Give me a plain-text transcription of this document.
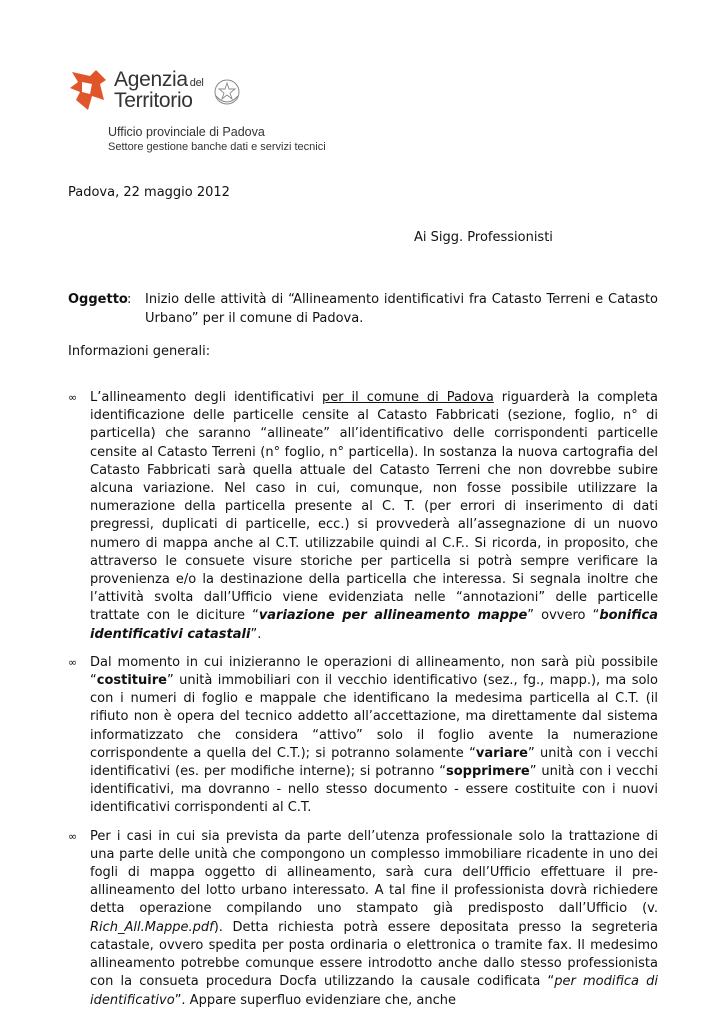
Agenzia del
Territorio
Ufficio provinciale di Padova
Settore gestione banche dati e servizi tecnici
Padova, 22 maggio 2012
Ai Sigg. Professionisti
Oggetto : Inizio delle attività di “Allineamento identificativi fra Catasto Terreni e Catasto Urbano” per il comune di Padova.
Informazioni generali:
∞ L’allineamento degli identificativi per il comune di Padova riguarderà la completa identificazione delle particelle censite al Catasto Fabbricati (sezione, foglio, n° di particella) che saranno “allineate” all’identificativo delle corrispondenti particelle censite al Catasto Terreni (n° foglio, n° particella). In sostanza la nuova cartografia del Catasto Fabbricati sarà quella attuale del Catasto Terreni che non dovrebbe subire alcuna variazione. Nel caso in cui, comunque, non fosse possibile utilizzare la numerazione della particella presente al C. T. (per errori di inserimento di dati pregressi, duplicati di particelle, ecc.) si provvederà all’assegnazione di un nuovo numero di mappa anche al C.T. utilizzabile quindi al C.F.. Si ricorda, in proposito, che attraverso le consuete visure storiche per particella si potrà sempre verificare la provenienza e/o la destinazione della particella che interessa. Si segnala inoltre che l’attività svolta dall’Ufficio viene evidenziata nelle “annotazioni” delle particelle trattate con le diciture “variazione per allineamento mappe” ovvero “bonifica identificativi catastali”.
∞ Dal momento in cui inizieranno le operazioni di allineamento, non sarà più possibile “costituire” unità immobiliari con il vecchio identificativo (sez., fg., mapp.), ma solo con i numeri di foglio e mappale che identificano la medesima particella al C.T. (il rifiuto non è opera del tecnico addetto all’accettazione, ma direttamente dal sistema informatizzato che considera “attivo” solo il foglio avente la numerazione corrispondente a quella del C.T.); si potranno solamente “variare” unità con i vecchi identificativi (es. per modifiche interne); si potranno “sopprimere” unità con i vecchi identificativi, ma dovranno - nello stesso documento - essere costituite con i nuovi identificativi corrispondenti al C.T.
∞ Per i casi in cui sia prevista da parte dell’utenza professionale solo la trattazione di una parte delle unità che compongono un complesso immobiliare ricadente in uno dei fogli di mappa oggetto di allineamento, sarà cura dell’Ufficio effettuare il pre-allineamento del lotto urbano interessato. A tal fine il professionista dovrà richiedere detta operazione compilando uno stampato già predisposto dall’Ufficio (v. Rich_All.Mappe.pdf). Detta richiesta potrà essere depositata presso la segreteria catastale, ovvero spedita per posta ordinaria o elettronica o tramite fax. Il medesimo allineamento potrebbe comunque essere introdotto anche dallo stesso professionista con la consueta procedura Docfa utilizzando la causale codificata “per modifica di identificativo”. Appare superfluo evidenziare che, anche
